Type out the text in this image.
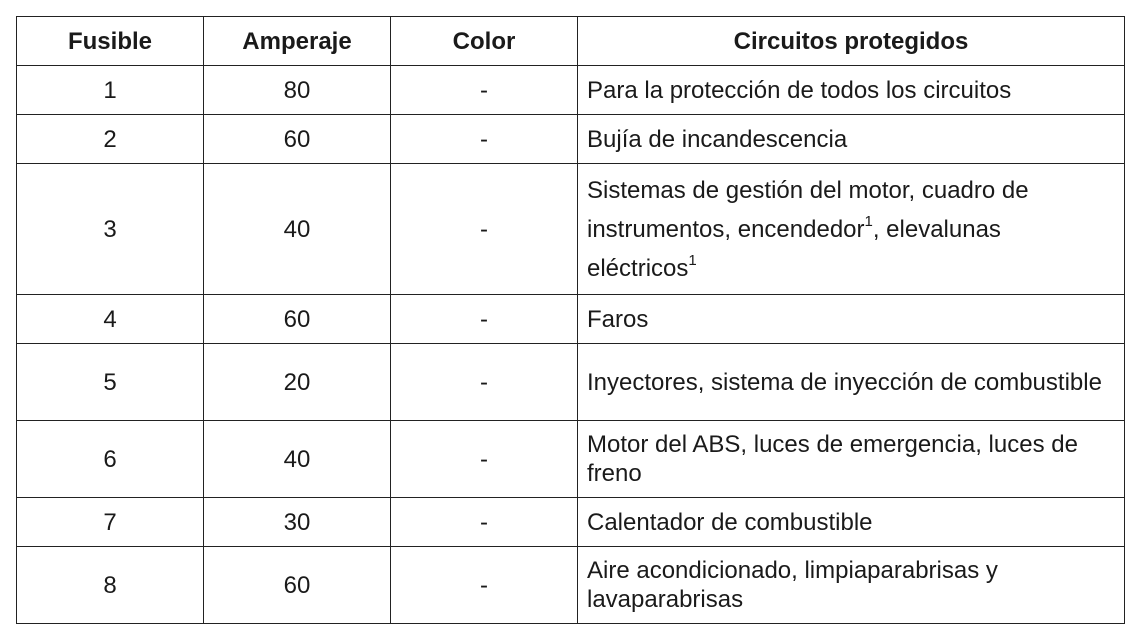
Fusible	Amperaje	Color	Circuitos protegidos
1	80	-	Para la protección de todos los circuitos
2	60	-	Bujía de incandescencia
3	40	-	Sistemas de gestión del motor, cuadro de instrumentos, encendedor$^1$, elevalunas eléctricos$^1$
4	60	-	Faros
5	20	-	Inyectores, sistema de inyección de combustible
6	40	-	Motor del ABS, luces de emergencia, luces de freno
7	30	-	Calentador de combustible
8	60	-	Aire acondicionado, limpiaparabrisas y lavaparabrisas
